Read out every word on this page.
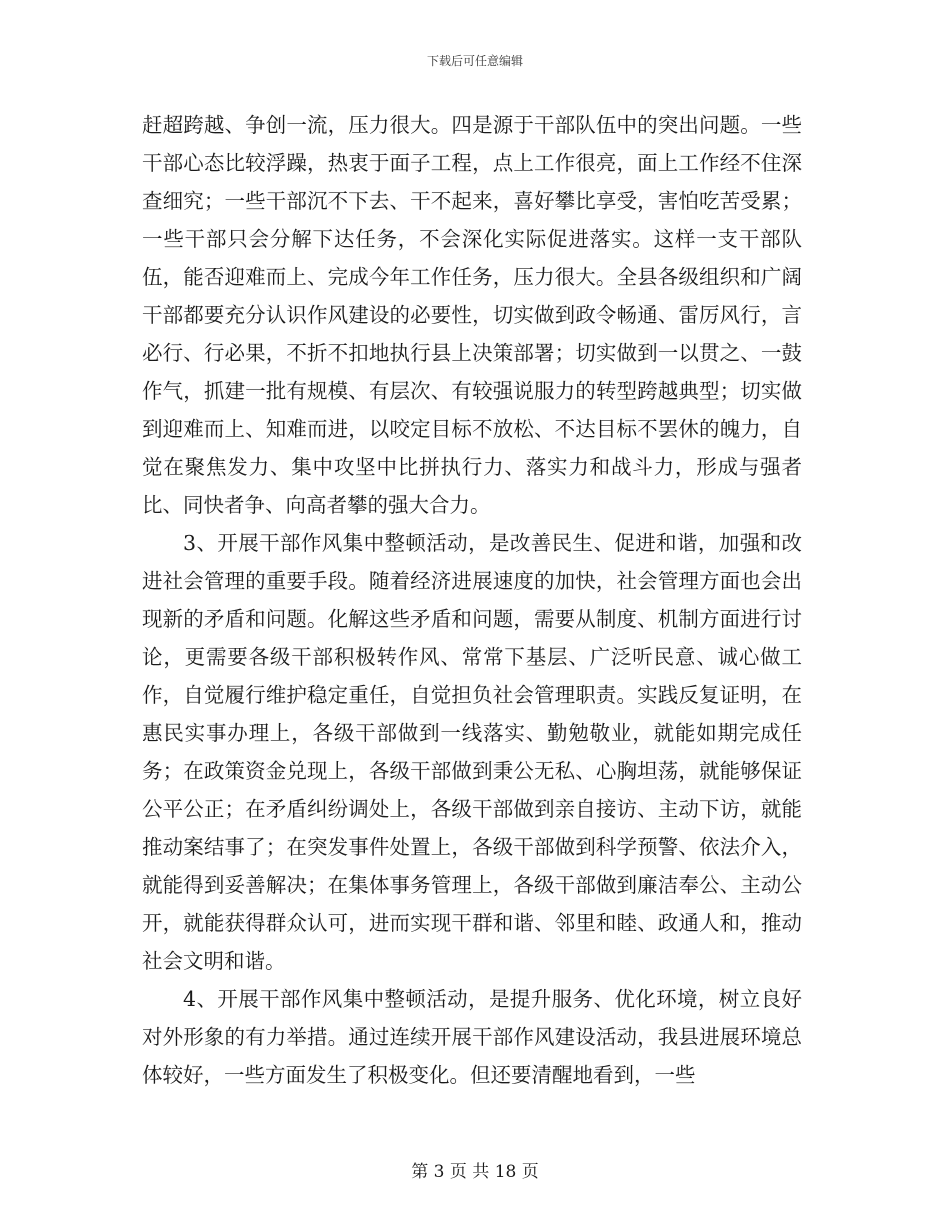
下载后可任意编辑

赶超跨越、争创一流，压力很大。四是源于干部队伍中的突出问题。一些干部心态比较浮躁，热衷于面子工程，点上工作很亮，面上工作经不住深查细究；一些干部沉不下去、干不起来，喜好攀比享受，害怕吃苦受累；一些干部只会分解下达任务，不会深化实际促进落实。这样一支干部队伍，能否迎难而上、完成今年工作任务，压力很大。全县各级组织和广阔干部都要充分认识作风建设的必要性，切实做到政令畅通、雷厉风行，言必行、行必果，不折不扣地执行县上决策部署；切实做到一以贯之、一鼓作气，抓建一批有规模、有层次、有较强说服力的转型跨越典型；切实做到迎难而上、知难而进，以咬定目标不放松、不达目标不罢休的魄力，自觉在聚焦发力、集中攻坚中比拼执行力、落实力和战斗力，形成与强者比、同快者争、向高者攀的强大合力。

3、开展干部作风集中整顿活动，是改善民生、促进和谐，加强和改进社会管理的重要手段。随着经济进展速度的加快，社会管理方面也会出现新的矛盾和问题。化解这些矛盾和问题，需要从制度、机制方面进行讨论，更需要各级干部积极转作风、常常下基层、广泛听民意、诚心做工作，自觉履行维护稳定重任，自觉担负社会管理职责。实践反复证明，在惠民实事办理上，各级干部做到一线落实、勤勉敬业，就能如期完成任务；在政策资金兑现上，各级干部做到秉公无私、心胸坦荡，就能够保证公平公正；在矛盾纠纷调处上，各级干部做到亲自接访、主动下访，就能推动案结事了；在突发事件处置上，各级干部做到科学预警、依法介入，就能得到妥善解决；在集体事务管理上，各级干部做到廉洁奉公、主动公开，就能获得群众认可，进而实现干群和谐、邻里和睦、政通人和，推动社会文明和谐。

4、开展干部作风集中整顿活动，是提升服务、优化环境，树立良好对外形象的有力举措。通过连续开展干部作风建设活动，我县进展环境总体较好，一些方面发生了积极变化。但还要清醒地看到，一些

第 3 页 共 18 页
